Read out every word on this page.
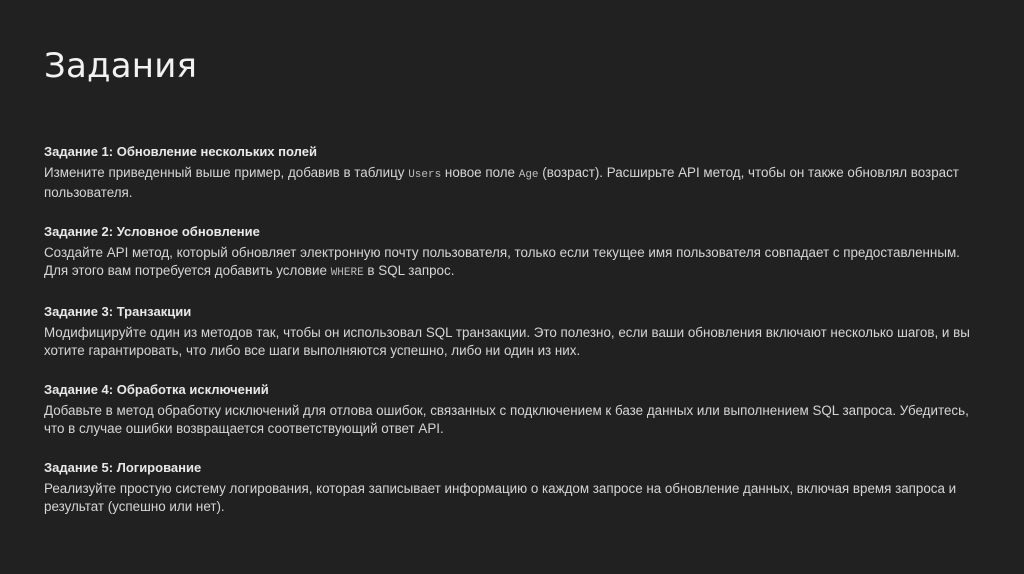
Задания
Задание 1: Обновление нескольких полей

Измените приведенный выше пример, добавив в таблицу Users новое поле Age (возраст). Расширьте API метод, чтобы он также обновлял возраст пользователя.

Задание 2: Условное обновление

Создайте API метод, который обновляет электронную почту пользователя, только если текущее имя пользователя совпадает с предоставленным. Для этого вам потребуется добавить условие WHERE в SQL запрос.

Задание 3: Транзакции

Модифицируйте один из методов так, чтобы он использовал SQL транзакции. Это полезно, если ваши обновления включают несколько шагов, и вы хотите гарантировать, что либо все шаги выполняются успешно, либо ни один из них.

Задание 4: Обработка исключений

Добавьте в метод обработку исключений для отлова ошибок, связанных с подключением к базе данных или выполнением SQL запроса. Убедитесь, что в случае ошибки возвращается соответствующий ответ API.

Задание 5: Логирование

Реализуйте простую систему логирования, которая записывает информацию о каждом запросе на обновление данных, включая время запроса и результат (успешно или нет).
